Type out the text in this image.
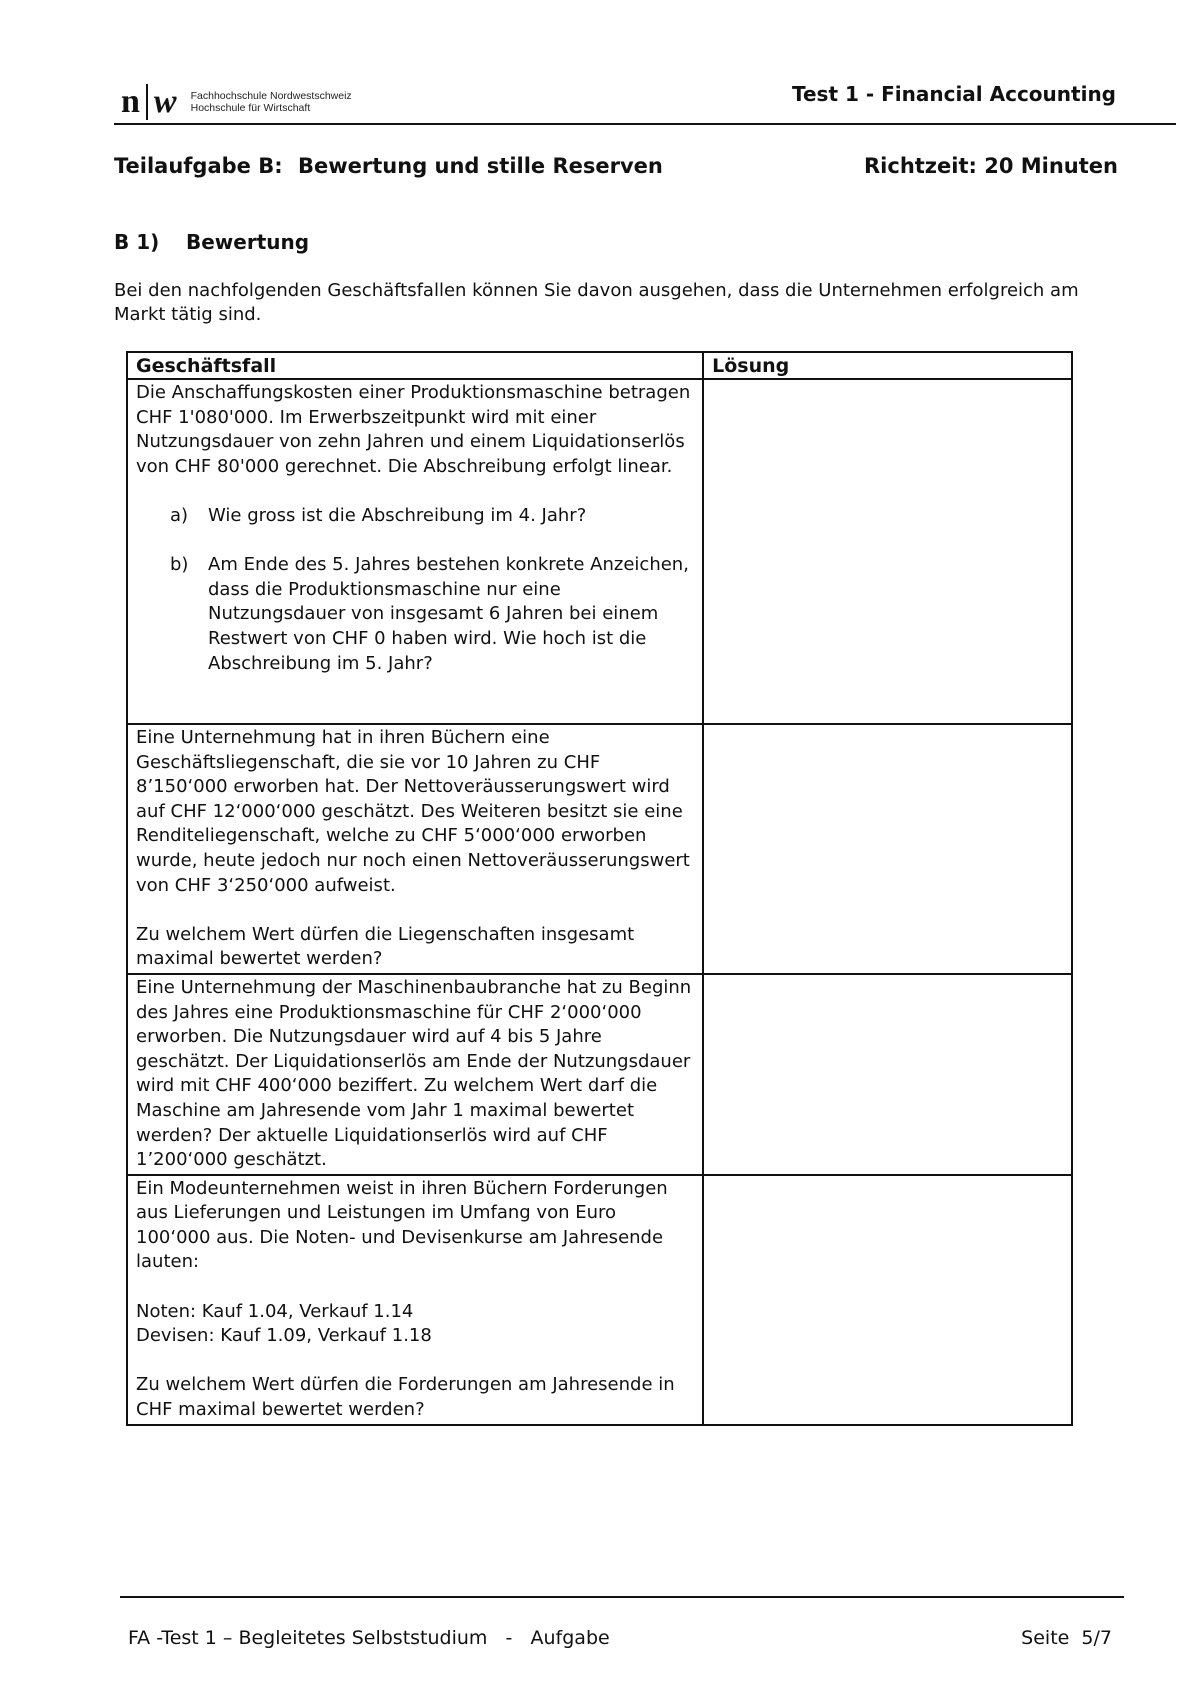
n w Fachhochschule Nordwestschweiz
Hochschule für Wirtschaft
Test 1 - Financial Accounting
Teilaufgabe B: Bewertung und stille Reserven	Richtzeit: 20 Minuten
B 1) Bewertung
Bei den nachfolgenden Geschäftsfallen können Sie davon ausgehen, dass die Unternehmen erfolgreich am Markt tätig sind.
Geschäftsfall	Lösung

Die Anschaffungskosten einer Produktionsmaschine betragen CHF 1'080'000. Im Erwerbszeitpunkt wird mit einer Nutzungsdauer von zehn Jahren und einem Liquidationserlös von CHF 80'000 gerechnet. Die Abschreibung erfolgt linear.

a) Wie gross ist die Abschreibung im 4. Jahr?
b) Am Ende des 5. Jahres bestehen konkrete Anzeichen, dass die Produktionsmaschine nur eine Nutzungsdauer von insgesamt 6 Jahren bei einem Restwert von CHF 0 haben wird. Wie hoch ist die Abschreibung im 5. Jahr?	

Eine Unternehmung hat in ihren Büchern eine Geschäftsliegenschaft, die sie vor 10 Jahren zu CHF 8’150‘000 erworben hat. Der Nettoveräusserungswert wird auf CHF 12‘000‘000 geschätzt. Des Weiteren besitzt sie eine Renditeliegenschaft, welche zu CHF 5‘000‘000 erworben wurde, heute jedoch nur noch einen Nettoveräusserungswert von CHF 3‘250‘000 aufweist.

Zu welchem Wert dürfen die Liegenschaften insgesamt maximal bewertet werden?	

Eine Unternehmung der Maschinenbaubranche hat zu Beginn des Jahres eine Produktionsmaschine für CHF 2‘000‘000 erworben. Die Nutzungsdauer wird auf 4 bis 5 Jahre geschätzt. Der Liquidationserlös am Ende der Nutzungsdauer wird mit CHF 400‘000 beziffert. Zu welchem Wert darf die Maschine am Jahresende vom Jahr 1 maximal bewertet werden? Der aktuelle Liquidationserlös wird auf CHF 1’200‘000 geschätzt.	

Ein Modeunternehmen weist in ihren Büchern Forderungen aus Lieferungen und Leistungen im Umfang von Euro 100‘000 aus. Die Noten- und Devisenkurse am Jahresende lauten:

Noten: Kauf 1.04, Verkauf 1.14

Devisen: Kauf 1.09, Verkauf 1.18

Zu welchem Wert dürfen die Forderungen am Jahresende in CHF maximal bewertet werden?	

FA -Test 1 – Begleitetes Selbststudium   -   Aufgabe	Seite  5/7
